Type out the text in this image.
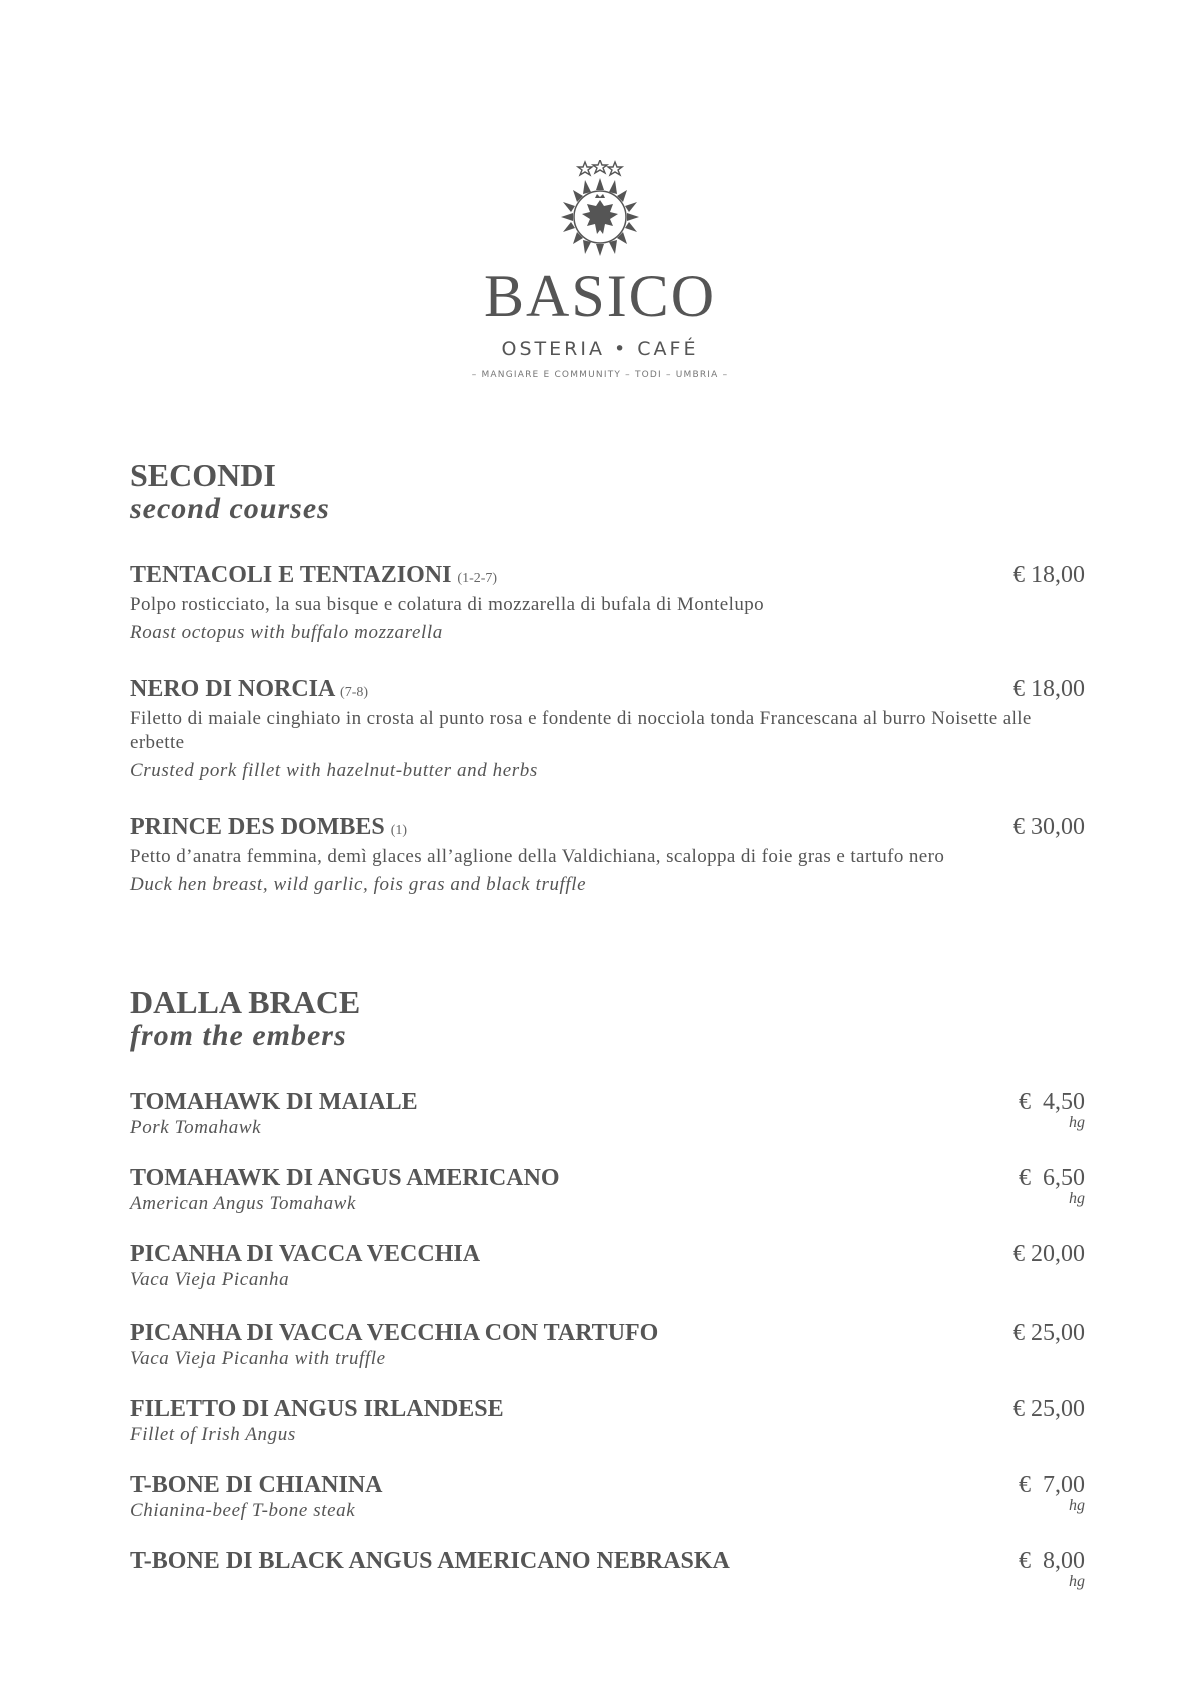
BASICO
OSTERIA • CAFÉ
– MANGIARE E COMMUNITY – TODI – UMBRIA –
SECONDI
second courses
TENTACOLI E TENTAZIONI (1-2-7)	€ 18,00
Polpo rosticciato, la sua bisque e colatura di mozzarella di bufala di Montelupo
Roast octopus with buffalo mozzarella
NERO DI NORCIA (7-8)	€ 18,00
Filetto di maiale cinghiato in crosta al punto rosa e fondente di nocciola tonda Francescana al burro Noisette alle erbette
Crusted pork fillet with hazelnut-butter and herbs
PRINCE DES DOMBES (1)	€ 30,00
Petto d’anatra femmina, demì glaces all’aglione della Valdichiana, scaloppa di foie gras e tartufo nero
Duck hen breast, wild garlic, fois gras and black truffle
DALLA BRACE
from the embers
TOMAHAWK DI MAIALE	€  4,50
hg
Pork Tomahawk
TOMAHAWK DI ANGUS AMERICANO	€  6,50
hg
American Angus Tomahawk
PICANHA DI VACCA VECCHIA	€ 20,00
Vaca Vieja Picanha
PICANHA DI VACCA VECCHIA CON TARTUFO	€ 25,00
Vaca Vieja Picanha with truffle
FILETTO DI ANGUS IRLANDESE	€ 25,00
Fillet of Irish Angus
T-BONE DI CHIANINA	€  7,00
hg
Chianina-beef T-bone steak
T-BONE DI BLACK ANGUS AMERICANO NEBRASKA	€  8,00
hg
